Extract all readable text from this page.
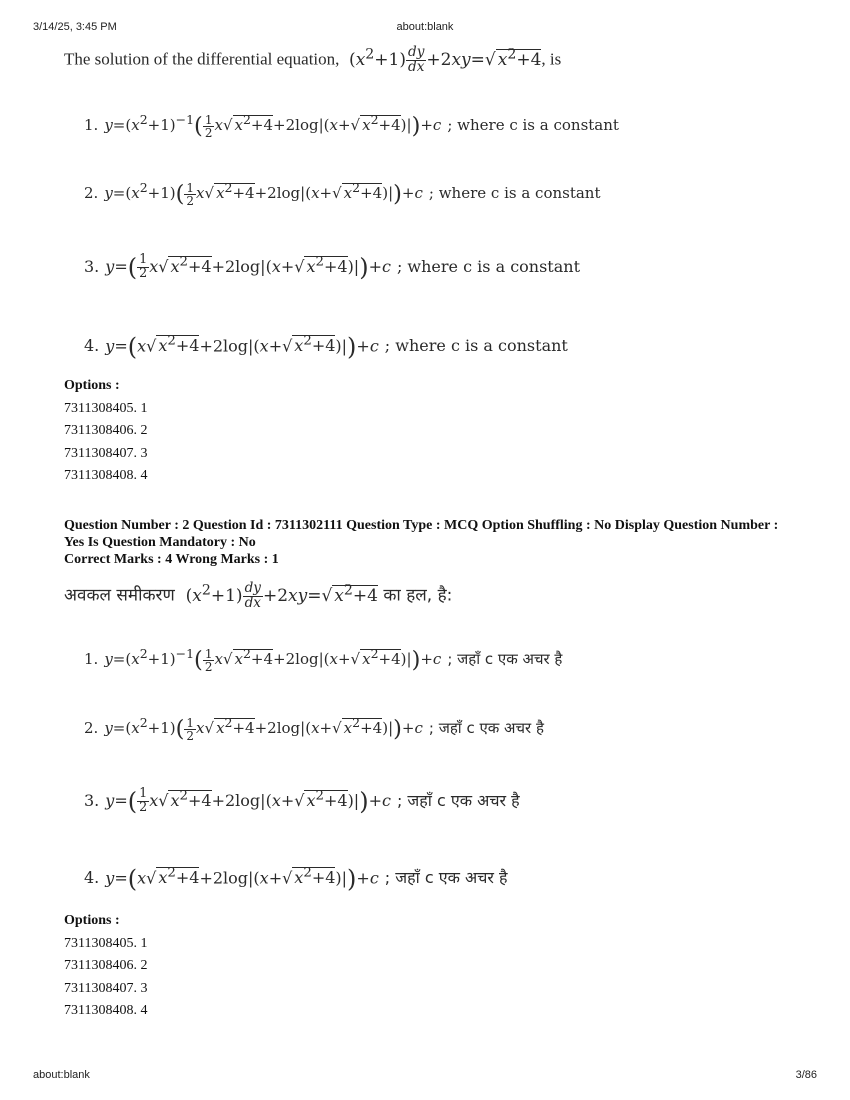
3/14/25, 3:45 PM	about:blank
The solution of the differential equation,  $(x^2+1) \frac{dy}{dx} +2xy=√$ $x^2+4$, is
1. $y=(x^2+1)^{-1}( \frac{1}{2} x√$ $x^2+4+2\log|(x+√$ $x^2+4)|)+c$ ; where c is a constant
2. $y=(x^2+1)( \frac{1}{2} x√$ $x^2+4+2\log|(x+√$ $x^2+4)|)+c$ ; where c is a constant
3. $y=( \frac{1}{2} x√$ $x^2+4+2\log|(x+√$ $x^2+4)|)+c$ ; where c is a constant
4. y=(x√ $x^2+4+2\log|(x+√$ $x^2+4)|)+c$ ; where c is a constant
Options :
7311308405. 1
7311308406. 2
7311308407. 3
7311308408. 4
Question Number : 2 Question Id : 7311302111 Question Type : MCQ Option Shuffling : No Display Question Number : Yes Is Question Mandatory : No
Correct Marks : 4 Wrong Marks : 1
अवकल समीकरण  $(x^2+1) \frac{dy}{dx} +2xy=√$ $x^2+4$ का हल, है:
1. $y=(x^2+1)^{-1}( \frac{1}{2} x√$ $x^2+4+2\log|(x+√$ $x^2+4)|)+c$ ; जहाँ c एक अचर है
2. $y=(x^2+1)( \frac{1}{2} x√$ $x^2+4+2\log|(x+√$ $x^2+4)|)+c$ ; जहाँ c एक अचर है
3. $y=( \frac{1}{2} x√$ $x^2+4+2\log|(x+√$ $x^2+4)|)+c$ ; जहाँ c एक अचर है
4. y=(x√ $x^2+4+2\log|(x+√$ $x^2+4)|)+c$ ; जहाँ c एक अचर है
Options :
7311308405. 1
7311308406. 2
7311308407. 3
7311308408. 4
about:blank	3/86
